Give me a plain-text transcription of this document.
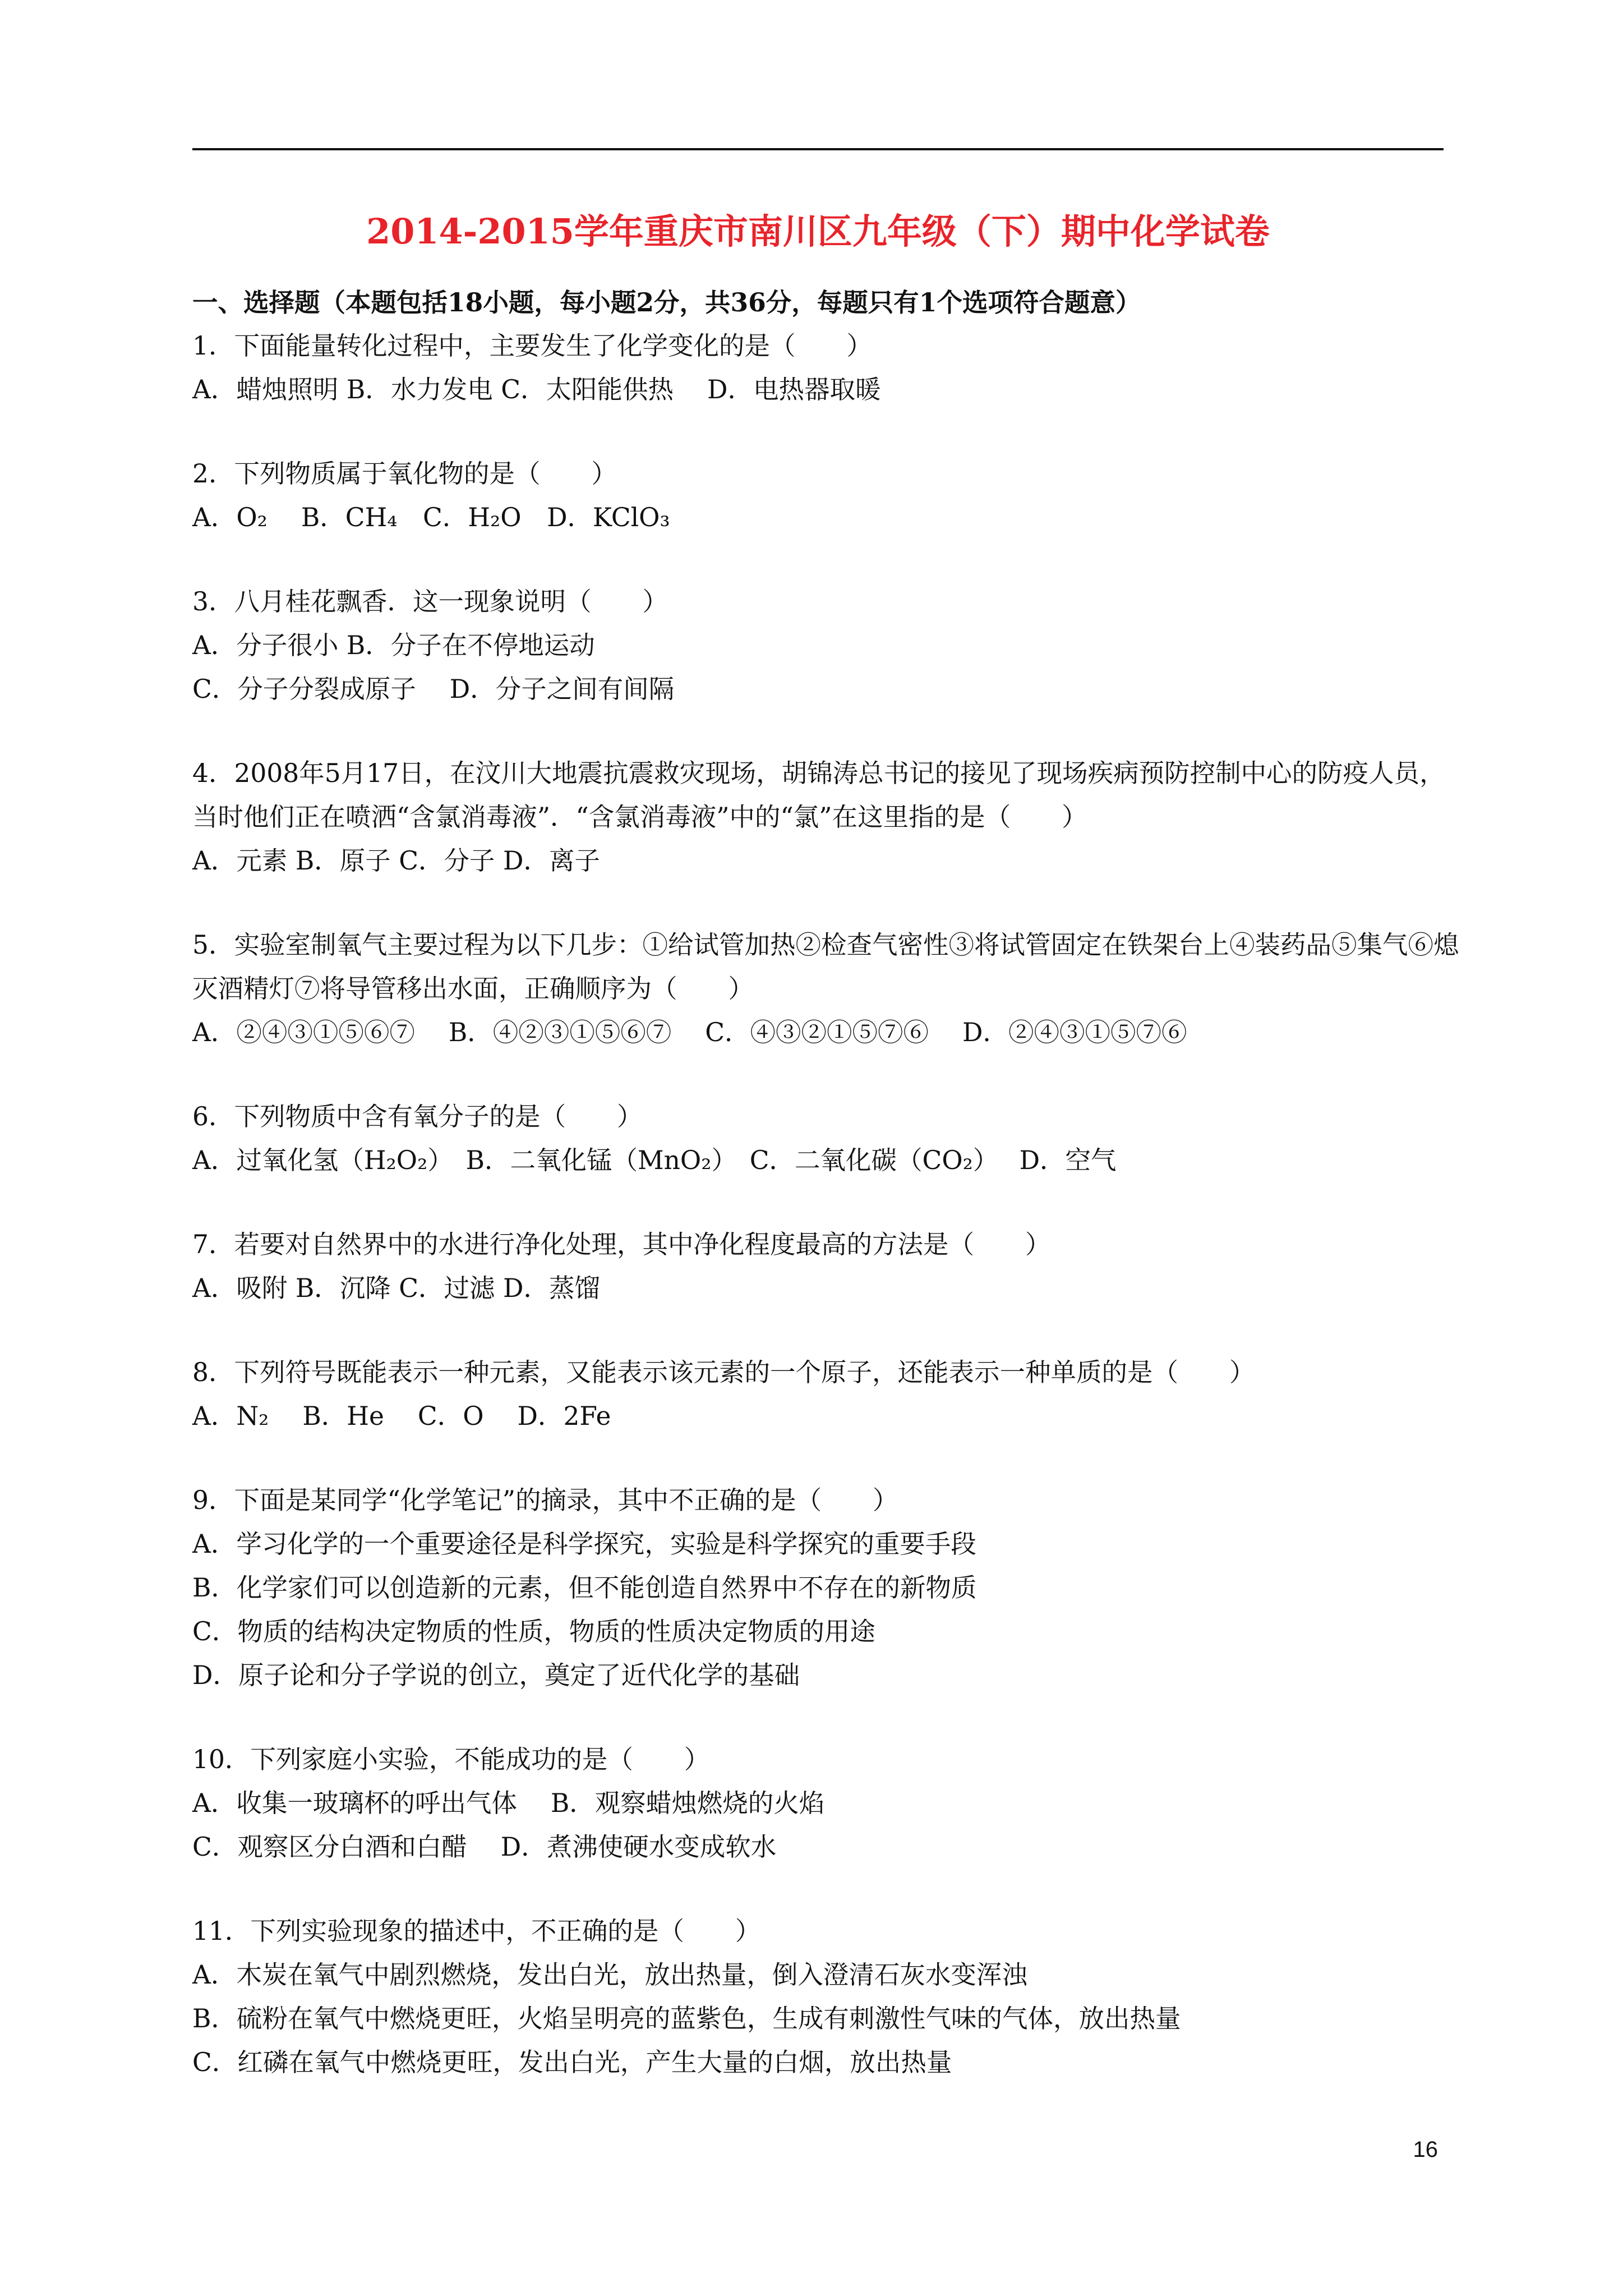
2014-2015学年重庆市南川区九年级（下）期中化学试卷
一、选择题（本题包括18小题，每小题2分，共36分，每题只有1个选项符合题意）
1．下面能量转化过程中，主要发生了化学变化的是（　　）
A．蜡烛照明 B．水力发电 C．太阳能供热　 D．电热器取暖
2．下列物质属于氧化物的是（　　）
A．O₂　 B．CH₄　C．H₂O　D．KClO₃
3．八月桂花飘香．这一现象说明（　　）
A．分子很小 B．分子在不停地运动
C．分子分裂成原子　 D．分子之间有间隔
4．2008年5月17日，在汶川大地震抗震救灾现场，胡锦涛总书记的接见了现场疾病预防控制中心的防疫人员，当时他们正在喷洒“含氯消毒液”．“含氯消毒液”中的“氯”在这里指的是（　　）
A．元素 B．原子 C．分子 D．离子
5．实验室制氧气主要过程为以下几步：①给试管加热②检查气密性③将试管固定在铁架台上④装药品⑤集气⑥熄灭酒精灯⑦将导管移出水面，正确顺序为（　　）
A．②④③①⑤⑥⑦　 B．④②③①⑤⑥⑦　 C．④③②①⑤⑦⑥　 D．②④③①⑤⑦⑥
6．下列物质中含有氧分子的是（　　）
A．过氧化氢（H₂O₂）　B．二氧化锰（MnO₂）　C．二氧化碳（CO₂）　 D．空气
7．若要对自然界中的水进行净化处理，其中净化程度最高的方法是（　　）
A．吸附 B．沉降 C．过滤 D．蒸馏
8．下列符号既能表示一种元素，又能表示该元素的一个原子，还能表示一种单质的是（　　）
A．N₂　 B．He　 C．O　 D．2Fe
9．下面是某同学“化学笔记”的摘录，其中不正确的是（　　）
A．学习化学的一个重要途径是科学探究，实验是科学探究的重要手段
B．化学家们可以创造新的元素，但不能创造自然界中不存在的新物质
C．物质的结构决定物质的性质，物质的性质决定物质的用途
D．原子论和分子学说的创立，奠定了近代化学的基础
10．下列家庭小实验，不能成功的是（　　）
A．收集一玻璃杯的呼出气体　 B．观察蜡烛燃烧的火焰
C．观察区分白酒和白醋　 D．煮沸使硬水变成软水
11．下列实验现象的描述中，不正确的是（　　）
A．木炭在氧气中剧烈燃烧，发出白光，放出热量，倒入澄清石灰水变浑浊
B．硫粉在氧气中燃烧更旺，火焰呈明亮的蓝紫色，生成有刺激性气味的气体，放出热量
C．红磷在氧气中燃烧更旺，发出白光，产生大量的白烟，放出热量
16
